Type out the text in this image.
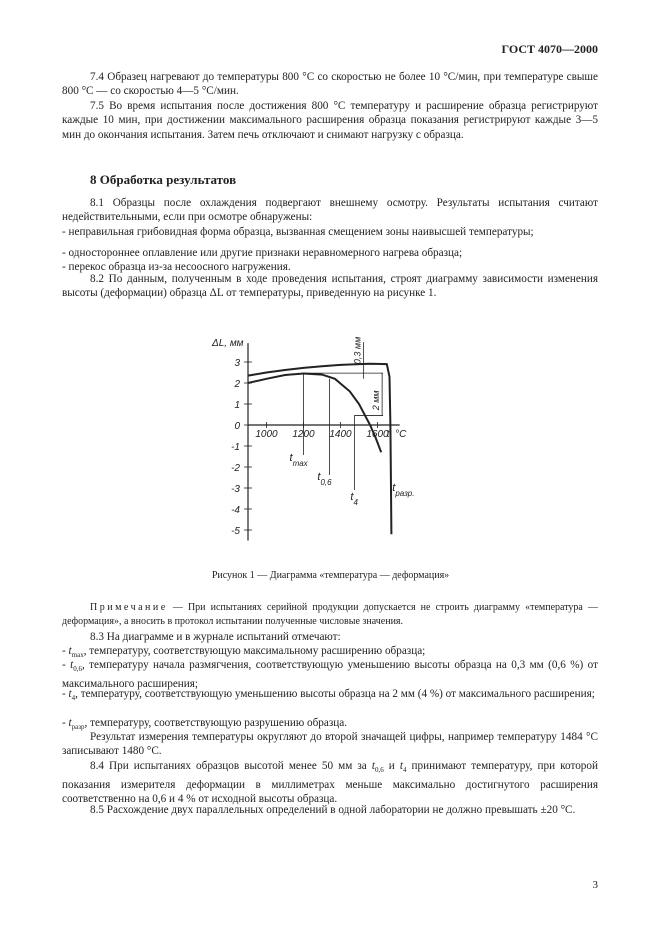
ГОСТ 4070—2000

7.4 Образец нагревают до температуры 800 °С со скоростью не более 10 °С/мин, при температуре свыше 800 °С — со скоростью 4—5 °С/мин.

7.5 Во время испытания после достижения 800 °С температуру и расширение образца регистрируют каждые 10 мин, при достижении максимального расширения образца показания регистрируют каждые 3—5 мин до окончания испытания. Затем печь отключают и снимают нагрузку с образца.

8 Обработка результатов

8.1 Образцы после охлаждения подвергают внешнему осмотру. Результаты испытания считают недействительными, если при осмотре обнаружены:

- неправильная грибовидная форма образца, вызванная смещением зоны наивысшей температуры;

- одностороннее оплавление или другие признаки неравномерного нагрева образца;

- перекос образца из-за несоосного нагружения.

8.2 По данным, полученным в ходе проведения испытания, строят диаграмму зависимости изменения высоты (деформации) образца ΔL от температуры, приведенную на рисунке 1.

3
2
1
0
-1
-2
-3
-4
-5
1000 1200 1400 1600
ΔL, мм
t, °C
0,3 мм
2 мм
$t_{max}$
$t_{0,6}$
$t_4$
$t_{разр.}$
Рисунок 1 — Диаграмма «температура — деформация»
Примечание — При испытаниях серийной продукции допускается не строить диаграмму «температура — деформация», а вносить в протокол испытании полученные числовые значения.

8.3 На диаграмме и в журнале испытаний отмечают:

- $t_{max}$, температуру, соответствующую максимальному расширению образца;

- $t_{0,6}$, температуру начала размягчения, соответствующую уменьшению высоты образца на 0,3 мм (0,6 %) от максимального расширения;

- $t_4$, температуру, соответствующую уменьшению высоты образца на 2 мм (4 %) от максимального расширения;

- $t_{разр}$, температуру, соответствующую разрушению образца.

Результат измерения температуры округляют до второй значащей цифры, например температуру 1484 °С записывают 1480 °С.

8.4 При испытаниях образцов высотой менее 50 мм за $t_{0,6}$ и $t_4$ принимают температуру, при которой показания измерителя деформации в миллиметрах меньше максимально достигнутого расширения соответственно на 0,6 и 4 % от исходной высоты образца.

8.5 Расхождение двух параллельных определений в одной лаборатории не должно превышать ±20 °С.

3
